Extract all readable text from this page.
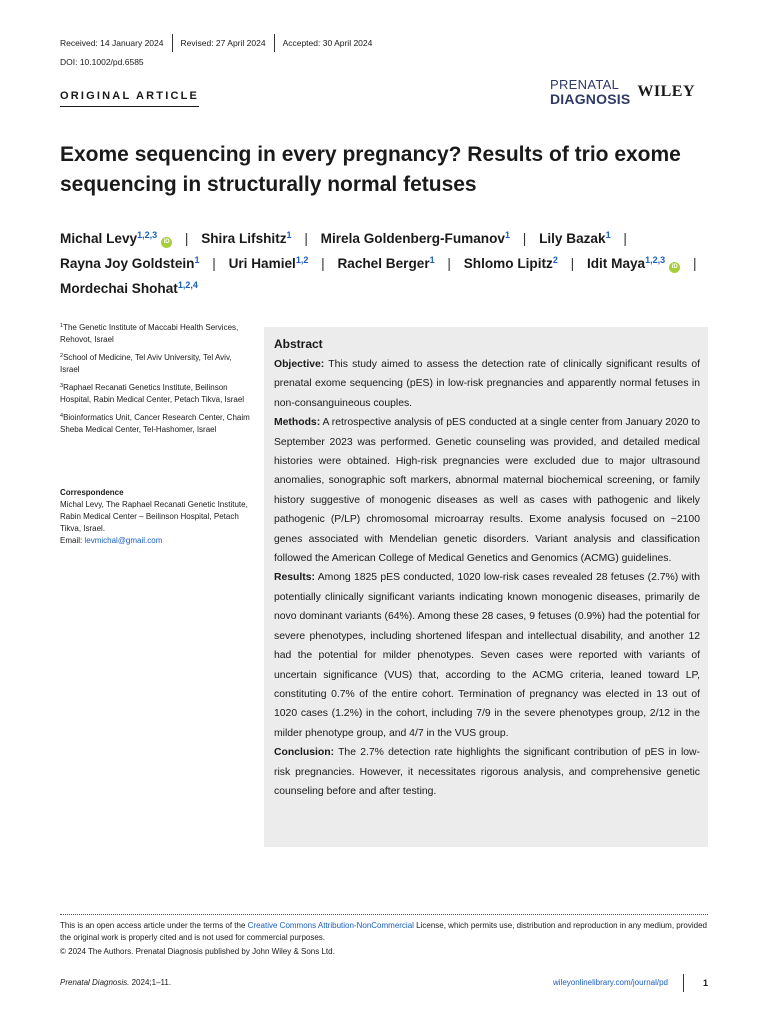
Received: 14 January 2024	Revised: 27 April 2024	Accepted: 30 April 2024
DOI: 10.1002/pd.6585
ORIGINAL ARTICLE
PRENATAL
DIAGNOSIS WILEY
Exome sequencing in every pregnancy? Results of trio exome sequencing in structurally normal fetuses
Michal Levy$^{1,2,3}$iD | Shira Lifshitz$^1$ | Mirela Goldenberg-Fumanov$^1$ | Lily Bazak$^1$ | Rayna Joy Goldstein$^1$ | Uri Hamiel$^{1,2}$ | Rachel Berger$^1$ | Shlomo Lipitz$^2$ | Idit Maya$^{1,2,3}$iD | Mordechai Shohat$^{1,2,4}$
$^1$The Genetic Institute of Maccabi Health Services, Rehovot, Israel
$^2$School of Medicine, Tel Aviv University, Tel Aviv, Israel
$^3$Raphael Recanati Genetics Institute, Beilinson Hospital, Rabin Medical Center, Petach Tikva, Israel
$^4$Bioinformatics Unit, Cancer Research Center, Chaim Sheba Medical Center, Tel-Hashomer, Israel
Correspondence
Michal Levy, The Raphael Recanati Genetic Institute, Rabin Medical Center – Beilinson Hospital, Petach Tikva, Israel.
Email: levmichal@gmail.com
Abstract

Objective: This study aimed to assess the detection rate of clinically significant results of prenatal exome sequencing (pES) in low-risk pregnancies and apparently normal fetuses in non-consanguineous couples.

Methods: A retrospective analysis of pES conducted at a single center from January 2020 to September 2023 was performed. Genetic counseling was provided, and detailed medical histories were obtained. High-risk pregnancies were excluded due to major ultrasound anomalies, sonographic soft markers, abnormal maternal biochemical screening, or family history suggestive of monogenic diseases as well as cases with pathogenic and likely pathogenic (P/LP) chromosomal microarray results. Exome analysis focused on ~2100 genes associated with Mendelian genetic disorders. Variant analysis and classification followed the American College of Medical Genetics and Genomics (ACMG) guidelines.

Results: Among 1825 pES conducted, 1020 low-risk cases revealed 28 fetuses (2.7%) with potentially clinically significant variants indicating known monogenic diseases, primarily de novo dominant variants (64%). Among these 28 cases, 9 fetuses (0.9%) had the potential for severe phenotypes, including shortened lifespan and intellectual disability, and another 12 had the potential for milder phenotypes. Seven cases were reported with variants of uncertain significance (VUS) that, according to the ACMG criteria, leaned toward LP, constituting 0.7% of the entire cohort. Termination of pregnancy was elected in 13 out of 1020 cases (1.2%) in the cohort, including 7/9 in the severe phenotypes group, 2/12 in the milder phenotype group, and 4/7 in the VUS group.

Conclusion: The 2.7% detection rate highlights the significant contribution of pES in low-risk pregnancies. However, it necessitates rigorous analysis, and comprehensive genetic counseling before and after testing.

This is an open access article under the terms of the Creative Commons Attribution-NonCommercial License, which permits use, distribution and reproduction in any medium, provided the original work is properly cited and is not used for commercial purposes.
© 2024 The Authors. Prenatal Diagnosis published by John Wiley & Sons Ltd.
Prenatal Diagnosis. 2024;1–11.	wileyonlinelibrary.com/journal/pd	1
